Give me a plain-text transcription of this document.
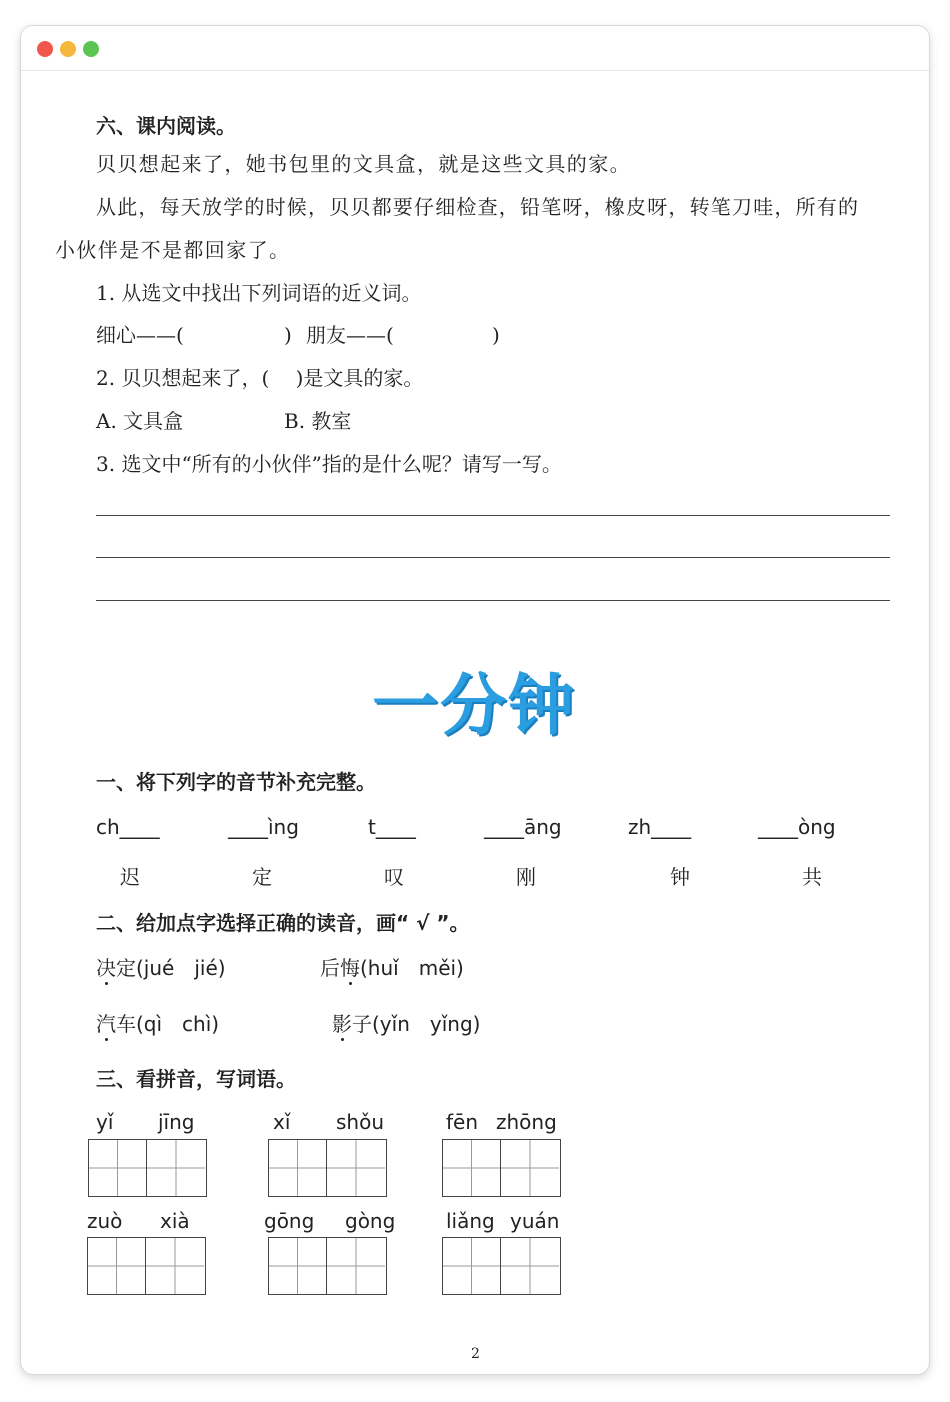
六、课内阅读。
贝贝想起来了，她书包里的文具盒，就是这些文具的家。
从此，每天放学的时候，贝贝都要仔细检查，铅笔呀，橡皮呀，转笔刀哇，所有的
小伙伴是不是都回家了。
1. 从选文中找出下列词语的近义词。
细心——(	) 朋友——(	)
2. 贝贝想起来了，(　 )是文具的家。
A. 文具盒	B. 教室
3. 选文中“所有的小伙伴”指的是什么呢？请写一写。
一分钟
一、将下列字的音节补充完整。
ch____	____ìng	t____	____āng	zh____	____òng
迟	定	叹	刚	钟	共
二、给加点字选择正确的读音，画“ √ ”。
决定(jué　jié)	后悔(huǐ　měi)
汽车(qì　chì)	影子(yǐn　yǐng)
三、看拼音，写词语。
yǐ jīng	xǐ shǒu	fēn zhōng
zuò xià	gōng gòng	liǎng yuán
2
